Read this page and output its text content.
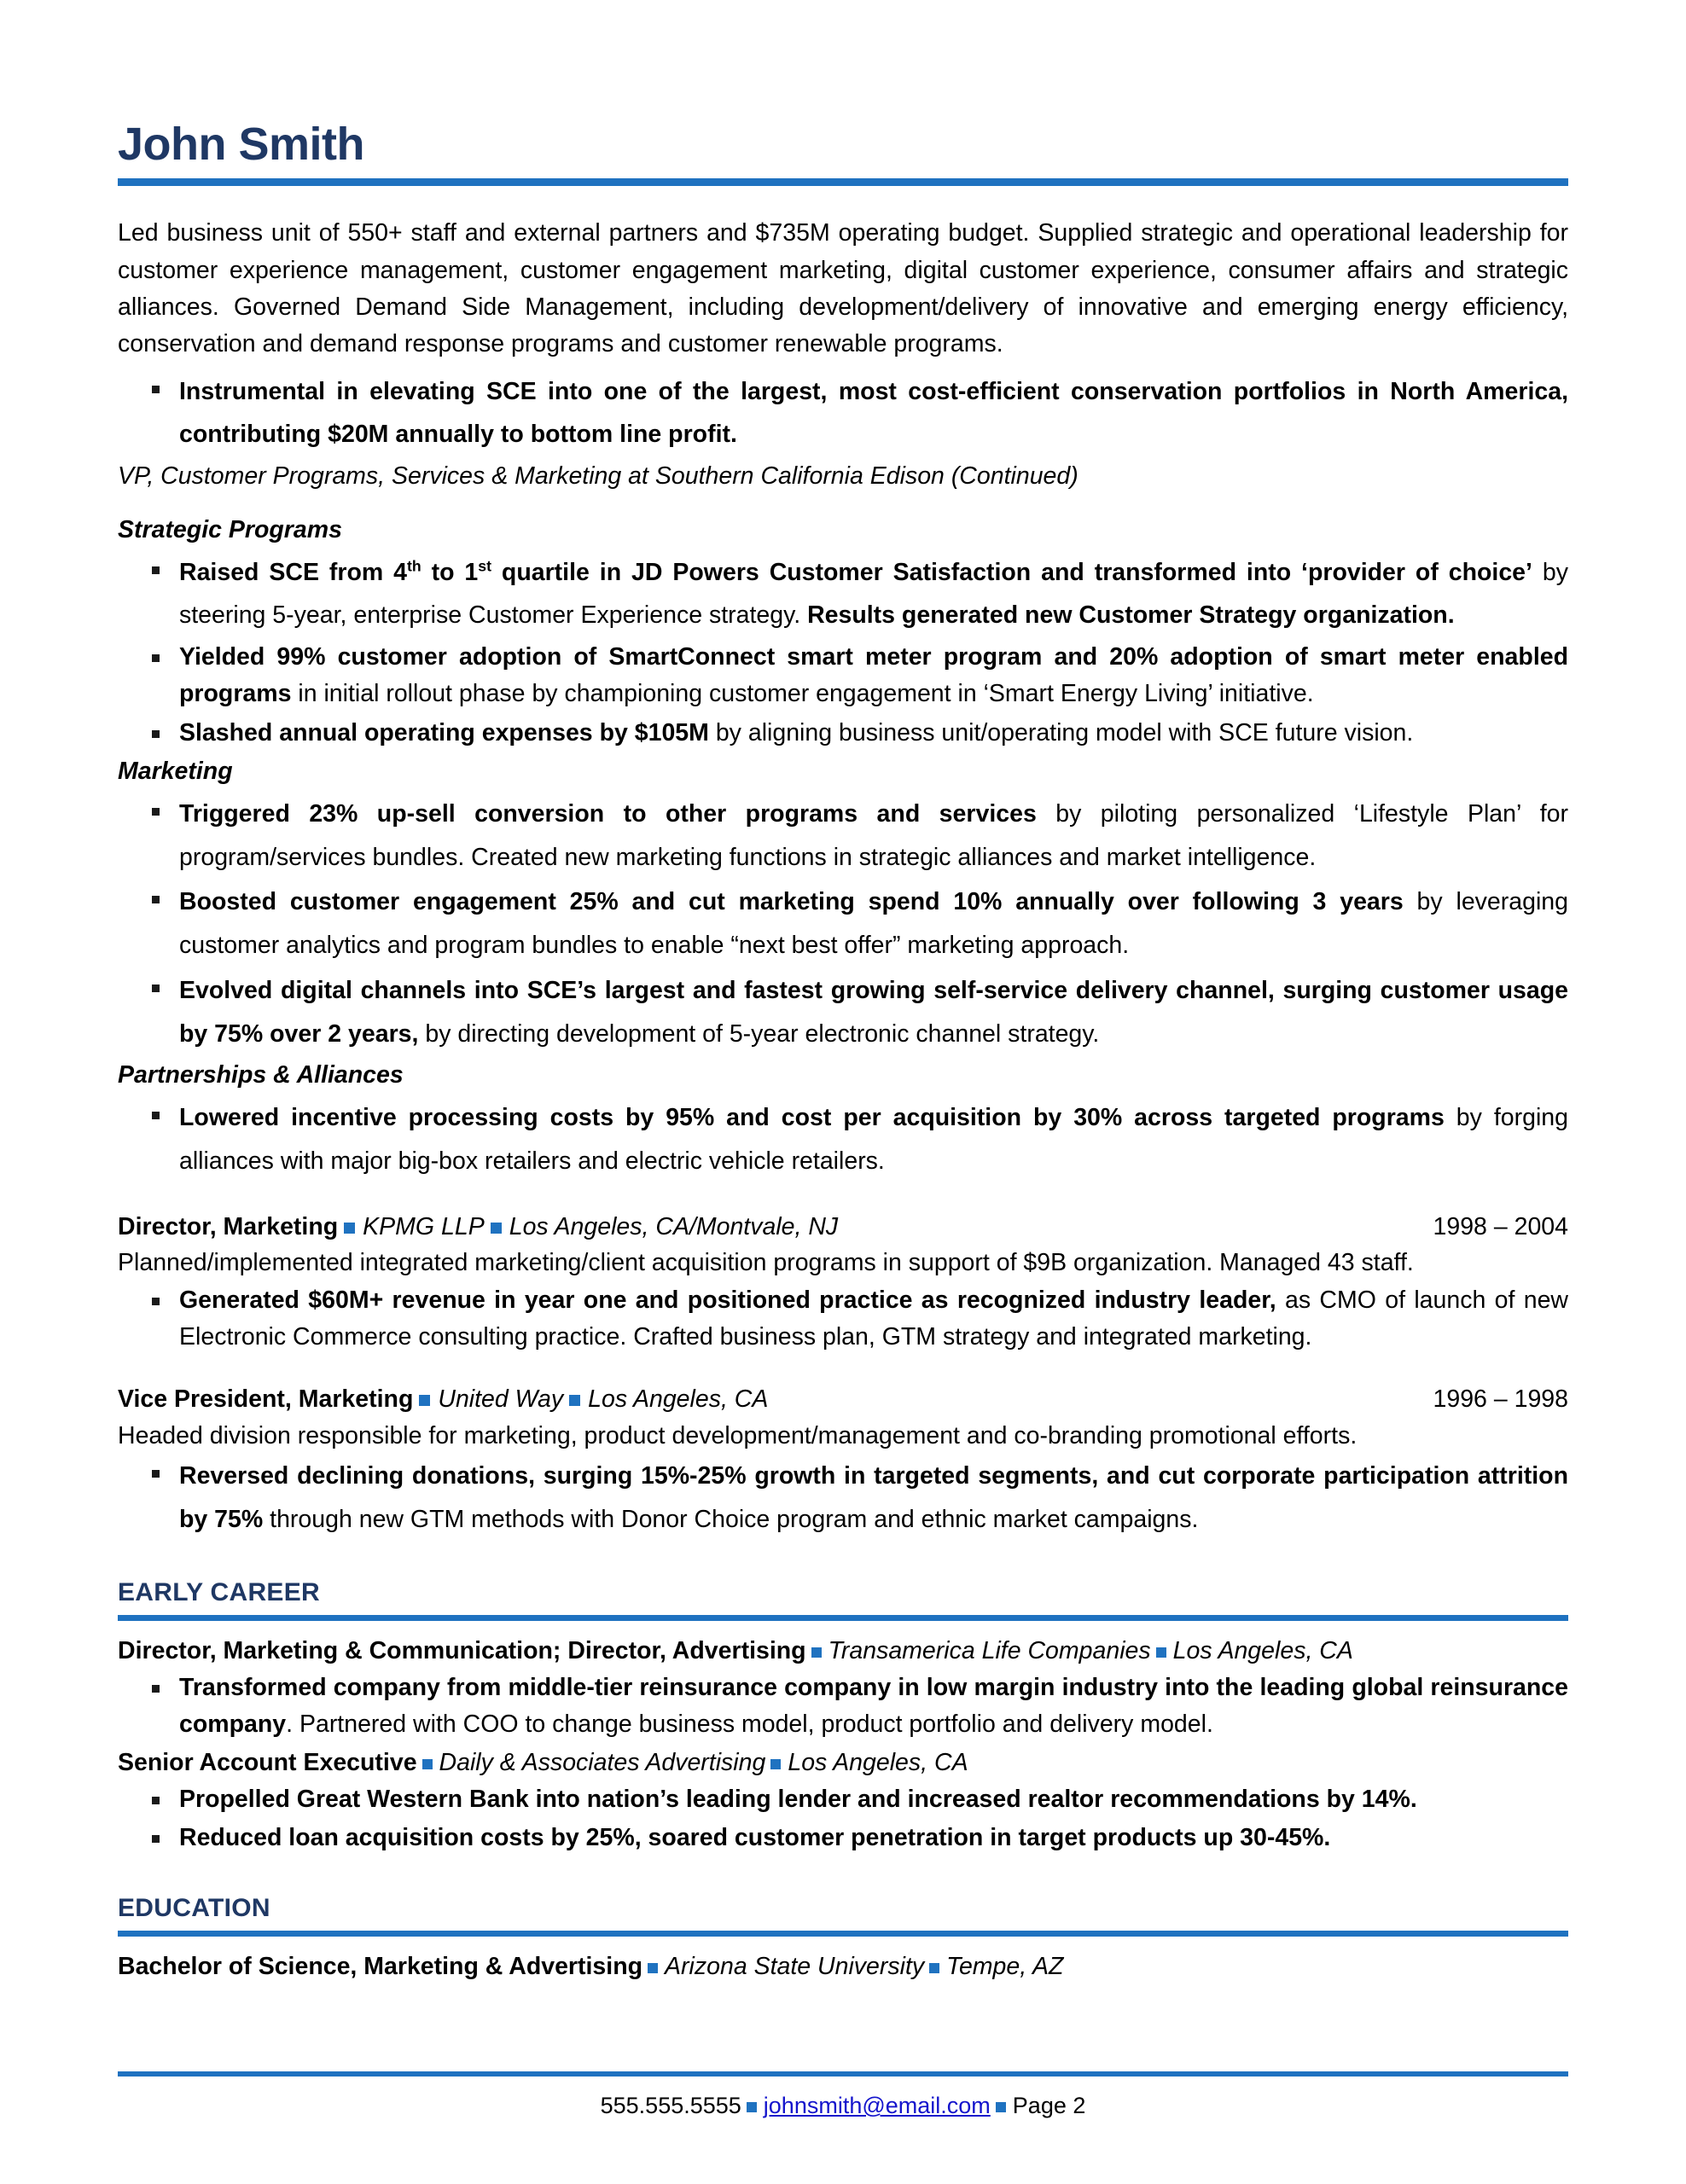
John Smith

Led business unit of 550+ staff and external partners and $735M operating budget. Supplied strategic and operational leadership for customer experience management, customer engagement marketing, digital customer experience, consumer affairs and strategic alliances. Governed Demand Side Management, including development/delivery of innovative and emerging energy efficiency, conservation and demand response programs and customer renewable programs.

Instrumental in elevating SCE into one of the largest, most cost-efficient conservation portfolios in North America, contributing $20M annually to bottom line profit.
VP, Customer Programs, Services & Marketing at Southern California Edison (Continued)
Strategic Programs
Raised SCE from 4th to 1st quartile in JD Powers Customer Satisfaction and transformed into ‘provider of choice’ by steering 5-year, enterprise Customer Experience strategy. Results generated new Customer Strategy organization.
Yielded 99% customer adoption of SmartConnect smart meter program and 20% adoption of smart meter enabled programs in initial rollout phase by championing customer engagement in ‘Smart Energy Living’ initiative.
Slashed annual operating expenses by $105M by aligning business unit/operating model with SCE future vision.
Marketing
Triggered 23% up-sell conversion to other programs and services by piloting personalized ‘Lifestyle Plan’ for program/services bundles. Created new marketing functions in strategic alliances and market intelligence.
Boosted customer engagement 25% and cut marketing spend 10% annually over following 3 years by leveraging customer analytics and program bundles to enable “next best offer” marketing approach.
Evolved digital channels into SCE’s largest and fastest growing self-service delivery channel, surging customer usage by 75% over 2 years, by directing development of 5-year electronic channel strategy.
Partnerships & Alliances
Lowered incentive processing costs by 95% and cost per acquisition by 30% across targeted programs by forging alliances with major big-box retailers and electric vehicle retailers.
Director, Marketing KPMG LLP Los Angeles, CA/Montvale, NJ	1998 – 2004

Planned/implemented integrated marketing/client acquisition programs in support of $9B organization. Managed 43 staff.

Generated $60M+ revenue in year one and positioned practice as recognized industry leader, as CMO of launch of new Electronic Commerce consulting practice. Crafted business plan, GTM strategy and integrated marketing.
Vice President, Marketing United Way Los Angeles, CA	1996 – 1998

Headed division responsible for marketing, product development/management and co-branding promotional efforts.

Reversed declining donations, surging 15%-25% growth in targeted segments, and cut corporate participation attrition by 75% through new GTM methods with Donor Choice program and ethnic market campaigns.
EARLY CAREER
Director, Marketing & Communication; Director, Advertising Transamerica Life Companies Los Angeles, CA
Transformed company from middle-tier reinsurance company in low margin industry into the leading global reinsurance company. Partnered with COO to change business model, product portfolio and delivery model.
Senior Account Executive Daily & Associates Advertising Los Angeles, CA
Propelled Great Western Bank into nation’s leading lender and increased realtor recommendations by 14%.
Reduced loan acquisition costs by 25%, soared customer penetration in target products up 30-45%.
EDUCATION
Bachelor of Science, Marketing & Advertising Arizona State University Tempe, AZ
555.555.5555 johnsmith@email.com Page 2
